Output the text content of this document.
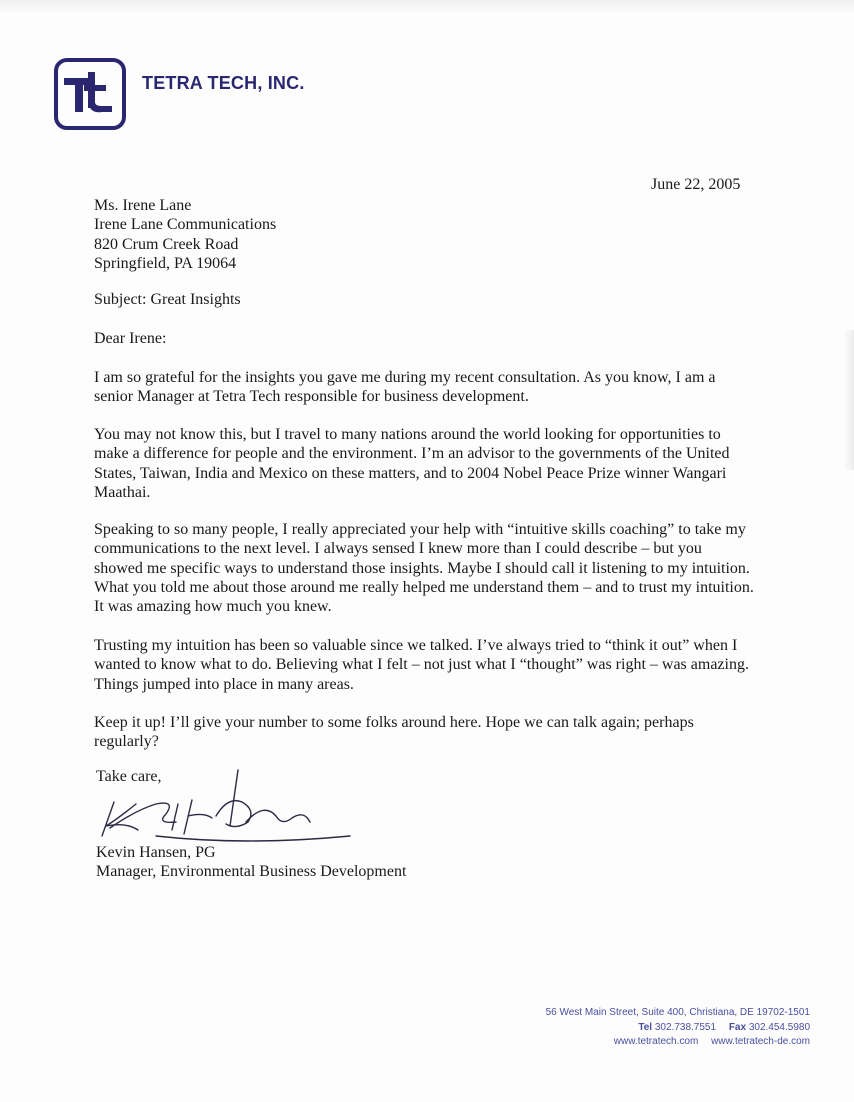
TETRA TECH, INC.
June 22, 2005
Ms. Irene Lane
Irene Lane Communications
820 Crum Creek Road
Springfield, PA 19064
Subject: Great Insights
Dear Irene:

I am so grateful for the insights you gave me during my recent consultation. As you know, I am a senior Manager at Tetra Tech responsible for business development.

You may not know this, but I travel to many nations around the world looking for opportunities to make a difference for people and the environment. I’m an advisor to the governments of the United States, Taiwan, India and Mexico on these matters, and to 2004 Nobel Peace Prize winner Wangari Maathai.

Speaking to so many people, I really appreciated your help with “intuitive skills coaching” to take my communications to the next level. I always sensed I knew more than I could describe – but you showed me specific ways to understand those insights. Maybe I should call it listening to my intuition. What you told me about those around me really helped me understand them – and to trust my intuition. It was amazing how much you knew.

Trusting my intuition has been so valuable since we talked. I’ve always tried to “think it out” when I wanted to know what to do. Believing what I felt – not just what I “thought” was right – was amazing. Things jumped into place in many areas.

Keep it up! I’ll give your number to some folks around here. Hope we can talk again; perhaps regularly?

Take care,
Kevin Hansen, PG
Manager, Environmental Business Development
56 West Main Street, Suite 400, Christiana, DE 19702-1501
Tel 302.738.7551 Fax 302.454.5980
www.tetratech.com www.tetratech-de.com
